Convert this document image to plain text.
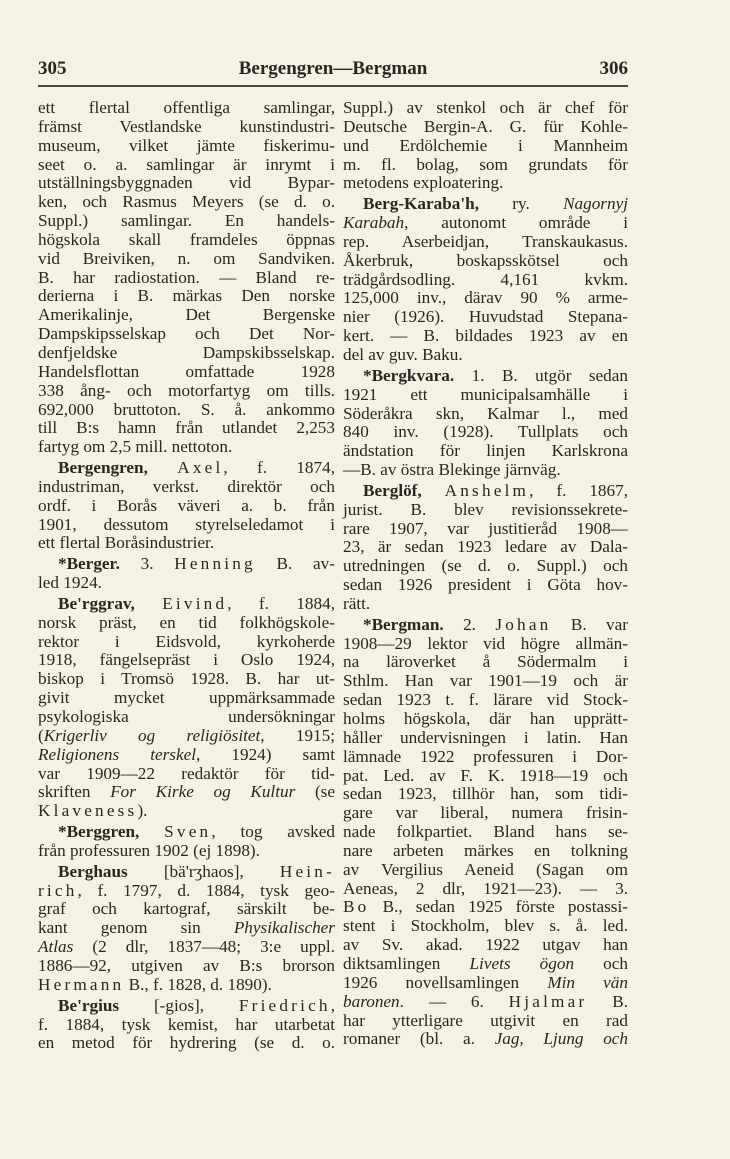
305	Bergengren—Bergman	306
ett flertal offentliga samlingar,
främst Vestlandske kunstindustri-
museum, vilket jämte fiskerimu-
seet o. a. samlingar är inrymt i
utställningsbyggnaden vid Bypar-
ken, och Rasmus Meyers (se d. o.
Suppl.) samlingar. En handels-
högskola skall framdeles öppnas
vid Breiviken, n. om Sandviken.
B. har radiostation. — Bland re-
derierna i B. märkas Den norske
Amerikalinje, Det Bergenske
Dampskipsselskap och Det Nor-
denfjeldske Dampskibsselskap.
Handelsflottan omfattade 1928
338 ång- och motorfartyg om tills.
692,000 bruttoton. S. å. ankommo
till B:s hamn från utlandet 2,253
fartyg om 2,5 mill. nettoton.
Bergengren, Axel, f. 1874,
industriman, verkst. direktör och
ordf. i Borås väveri a. b. från
1901, dessutom styrelseledamot i
ett flertal Boråsindustrier.
*Berger. 3. Henning B. av-
led 1924.
Be'rggrav, Eivind, f. 1884,
norsk präst, en tid folkhögskole-
rektor i Eidsvold, kyrkoherde
1918, fängelsepräst i Oslo 1924,
biskop i Tromsö 1928. B. har ut-
givit mycket uppmärksammade
psykologiska undersökningar
(Krigerliv og religiösitet, 1915;
Religionens terskel, 1924) samt
var 1909—22 redaktör för tid-
skriften For Kirke og Kultur (se
Klaveness).
*Berggren, Sven, tog avsked
från professuren 1902 (ej 1898).
Berghaus [bä'rʒhaos], Hein-
rich, f. 1797, d. 1884, tysk geo-
graf och kartograf, särskilt be-
kant genom sin Physikalischer
Atlas (2 dlr, 1837—48; 3:e uppl.
1886—92, utgiven av B:s brorson
Hermann B., f. 1828, d. 1890).
Be'rgius [-gios], Friedrich,
f. 1884, tysk kemist, har utarbetat
en metod för hydrering (se d. o.
Suppl.) av stenkol och är chef för
Deutsche Bergin-A. G. für Kohle-
und Erdölchemie i Mannheim
m. fl. bolag, som grundats för
metodens exploatering.
Berg-Karaba'h, ry. Nagornyj
Karabah, autonomt område i
rep. Aserbeidjan, Transkaukasus.
Åkerbruk, boskapsskötsel och
trädgårdsodling. 4,161 kvkm.
125,000 inv., därav 90 % arme-
nier (1926). Huvudstad Stepana-
kert. — B. bildades 1923 av en
del av guv. Baku.
*Bergkvara. 1. B. utgör sedan
1921 ett municipalsamhälle i
Söderåkra skn, Kalmar l., med
840 inv. (1928). Tullplats och
ändstation för linjen Karlskrona
—B. av östra Blekinge järnväg.
Berglöf, Anshelm, f. 1867,
jurist. B. blev revisionssekrete-
rare 1907, var justitieråd 1908—
23, är sedan 1923 ledare av Dala-
utredningen (se d. o. Suppl.) och
sedan 1926 president i Göta hov-
rätt.
*Bergman. 2. Johan B. var
1908—29 lektor vid högre allmän-
na läroverket å Södermalm i
Sthlm. Han var 1901—19 och är
sedan 1923 t. f. lärare vid Stock-
holms högskola, där han upprätt-
håller undervisningen i latin. Han
lämnade 1922 professuren i Dor-
pat. Led. av F. K. 1918—19 och
sedan 1923, tillhör han, som tidi-
gare var liberal, numera frisin-
nade folkpartiet. Bland hans se-
nare arbeten märkes en tolkning
av Vergilius Aeneid (Sagan om
Aeneas, 2 dlr, 1921—23). — 3.
Bo B., sedan 1925 förste postassi-
stent i Stockholm, blev s. å. led.
av Sv. akad. 1922 utgav han
diktsamlingen Livets ögon och
1926 novellsamlingen Min vän
baronen. — 6. Hjalmar B.
har ytterligare utgivit en rad
romaner (bl. a. Jag, Ljung och
